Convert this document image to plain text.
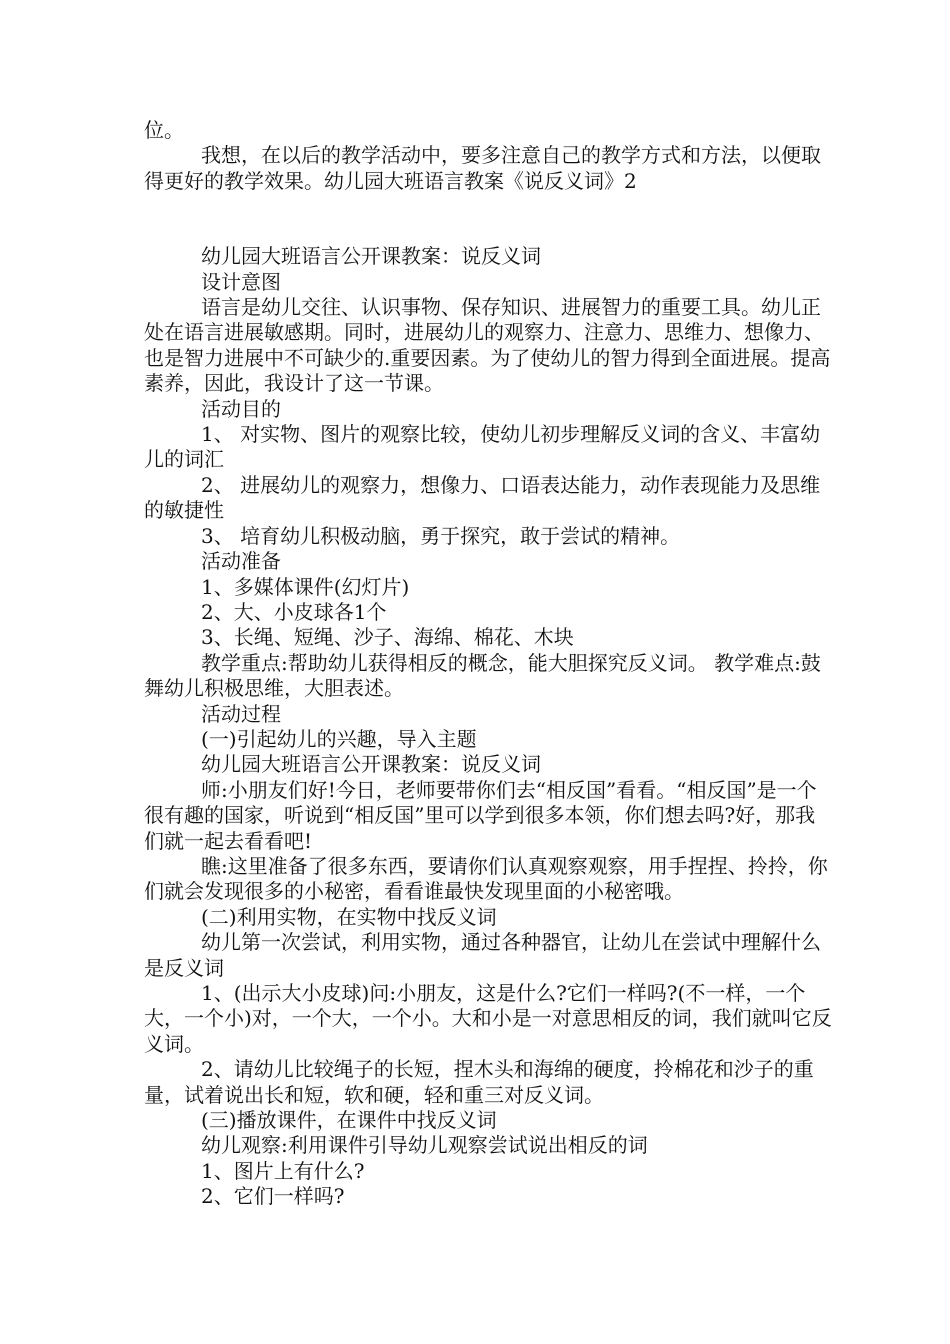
位。

我想，在以后的教学活动中，要多注意自己的教学方式和方法，以便取得更好的教学效果。幼儿园大班语言教案《说反义词》2

幼儿园大班语言公开课教案：说反义词

设计意图

语言是幼儿交往、认识事物、保存知识、进展智力的重要工具。幼儿正处在语言进展敏感期。同时，进展幼儿的观察力、注意力、思维力、想像力、也是智力进展中不可缺少的.重要因素。为了使幼儿的智力得到全面进展。提高素养，因此，我设计了这一节课。

活动目的

1、 对实物、图片的观察比较，使幼儿初步理解反义词的含义、丰富幼儿的词汇

2、 进展幼儿的观察力，想像力、口语表达能力，动作表现能力及思维的敏捷性

3、 培育幼儿积极动脑，勇于探究，敢于尝试的精神。

活动准备

1、多媒体课件(幻灯片)

2、大、小皮球各1个

3、长绳、短绳、沙子、海绵、棉花、木块

教学重点:帮助幼儿获得相反的概念，能大胆探究反义词。 教学难点:鼓舞幼儿积极思维，大胆表述。

活动过程

(一)引起幼儿的兴趣，导入主题

幼儿园大班语言公开课教案：说反义词

师:小朋友们好!今日，老师要带你们去“相反国”看看。“相反国”是一个很有趣的国家，听说到“相反国”里可以学到很多本领，你们想去吗?好，那我们就一起去看看吧!

瞧:这里准备了很多东西，要请你们认真观察观察，用手捏捏、拎拎，你们就会发现很多的小秘密，看看谁最快发现里面的小秘密哦。

(二)利用实物，在实物中找反义词

幼儿第一次尝试，利用实物，通过各种器官，让幼儿在尝试中理解什么是反义词

1、(出示大小皮球)问:小朋友，这是什么?它们一样吗?(不一样，一个大，一个小)对，一个大，一个小。大和小是一对意思相反的词，我们就叫它反义词。

2、请幼儿比较绳子的长短，捏木头和海绵的硬度，拎棉花和沙子的重量，试着说出长和短，软和硬，轻和重三对反义词。

(三)播放课件，在课件中找反义词

幼儿观察:利用课件引导幼儿观察尝试说出相反的词

1、图片上有什么?

2、它们一样吗?
